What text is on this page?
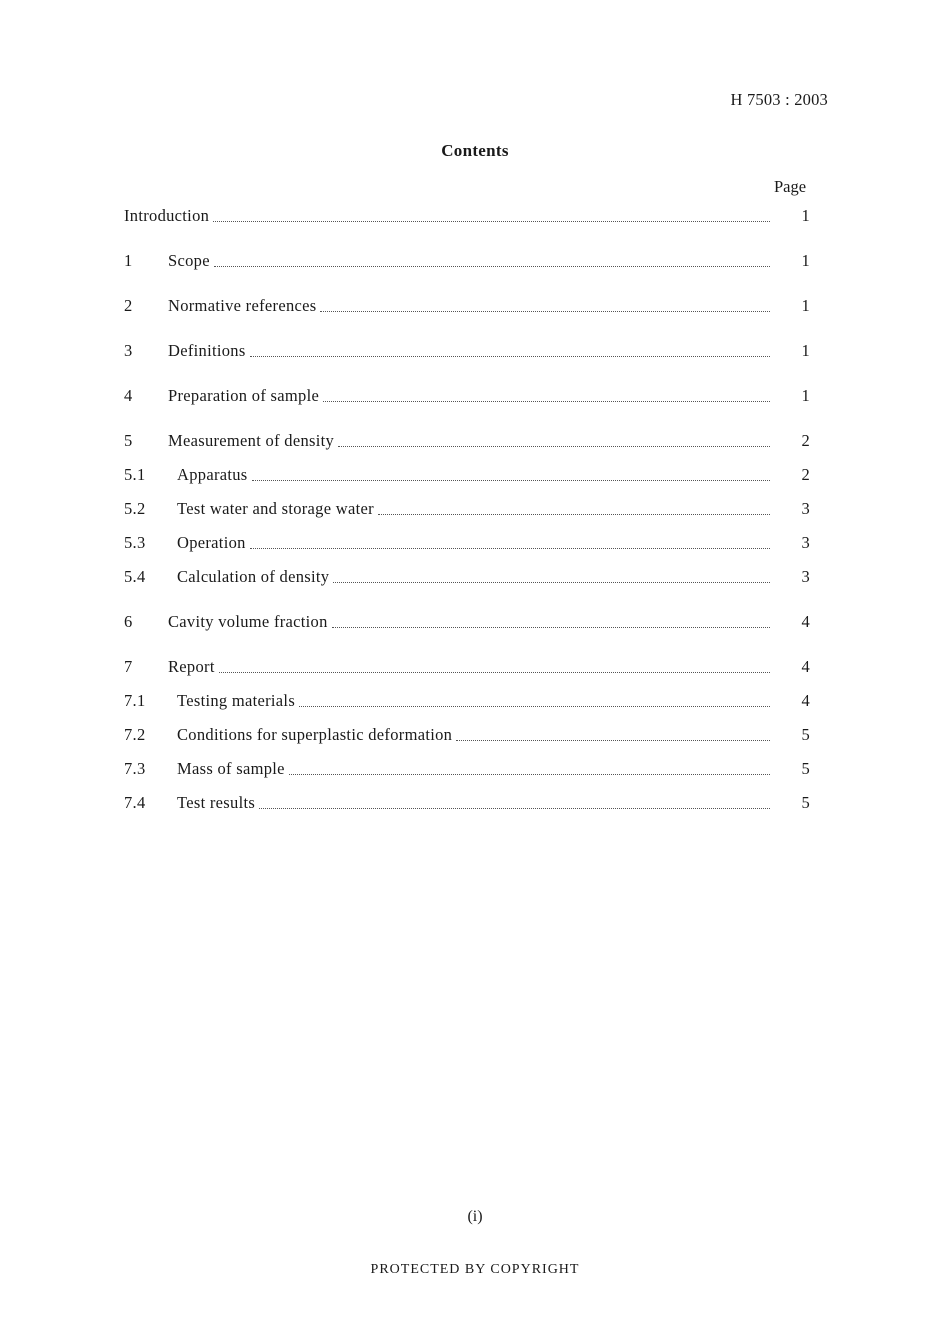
H 7503 : 2003
Contents
Page
Introduction	1
1	Scope	1
2	Normative references	1
3	Definitions	1
4	Preparation of sample	1
5	Measurement of density	2
5.1	Apparatus	2
5.2	Test water and storage water	3
5.3	Operation	3
5.4	Calculation of density	3
6	Cavity volume fraction	4
7	Report	4
7.1	Testing materials	4
7.2	Conditions for superplastic deformation	5
7.3	Mass of sample	5
7.4	Test results	5
(i)
PROTECTED BY COPYRIGHT
